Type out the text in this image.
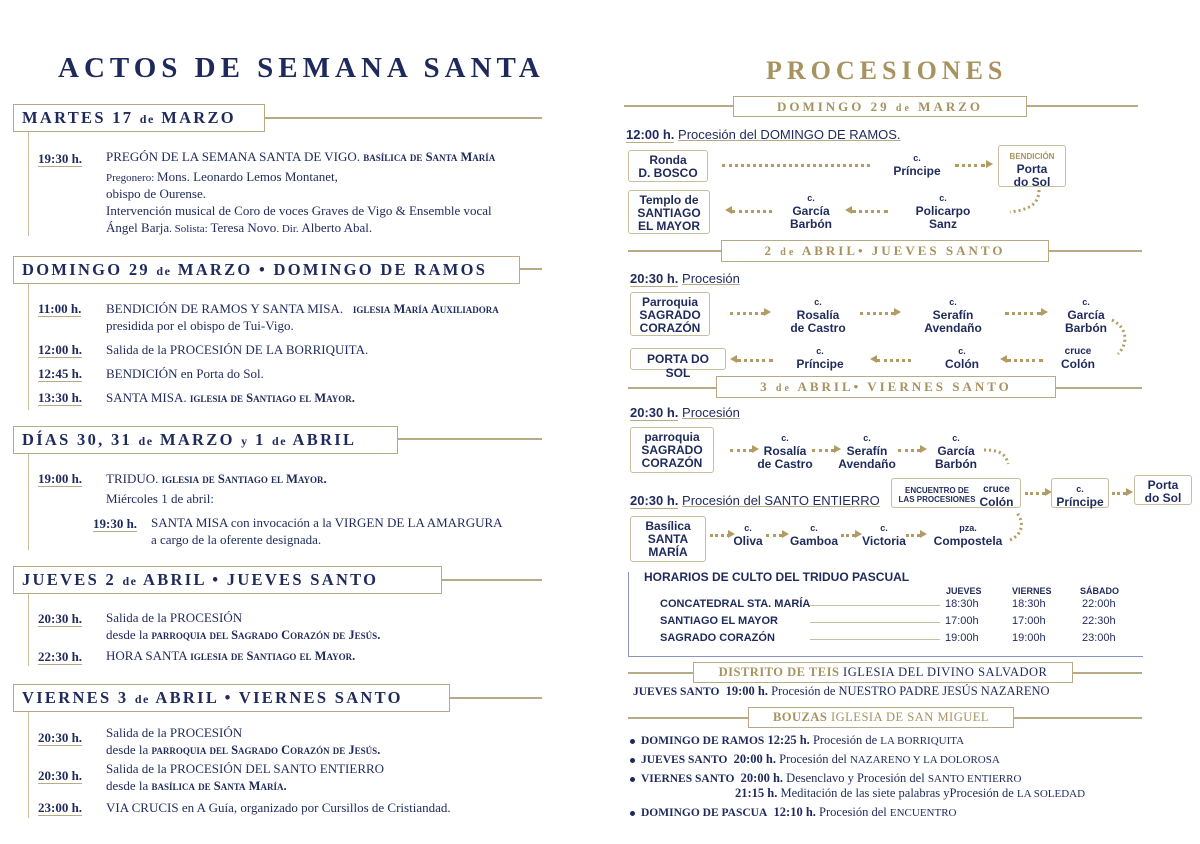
ACTOS DE SEMANA SANTA
MARTES 17 de MARZO
19:30 h. PREGÓN DE LA SEMANA SANTA DE VIGO. basílica de Santa María
Pregonero: Mons. Leonardo Lemos Montanet,
obispo de Ourense.
Intervención musical de Coro de voces Graves de Vigo & Ensemble vocal
Ángel Barja. Solista: Teresa Novo. Dir. Alberto Abal.
DOMINGO 29 de MARZO • DOMINGO DE RAMOS
11:00 h. BENDICIÓN DE RAMOS Y SANTA MISA. iglesia María Auxiliadora
presidida por el obispo de Tui-Vigo.
12:00 h. Salida de la PROCESIÓN DE LA BORRIQUITA.
12:45 h. BENDICIÓN en Porta do Sol.
13:30 h. SANTA MISA. iglesia de Santiago el Mayor.
DÍAS 30, 31 de MARZO y 1 de ABRIL
19:00 h. TRIDUO. iglesia de Santiago el Mayor.
Miércoles 1 de abril:
19:30 h. SANTA MISA con invocación a la VIRGEN DE LA AMARGURA
a cargo de la oferente designada.
JUEVES 2 de ABRIL • JUEVES SANTO
20:30 h. Salida de la PROCESIÓN
desde la parroquia del Sagrado Corazón de Jesús.
22:30 h. HORA SANTA iglesia de Santiago el Mayor.
VIERNES 3 de ABRIL • VIERNES SANTO
20:30 h. Salida de la PROCESIÓN
desde la parroquia del Sagrado Corazón de Jesús.
20:30 h. Salida de la PROCESIÓN DEL SANTO ENTIERRO
desde la basílica de Santa María.
23:00 h. VIA CRUCIS en A Guía, organizado por Cursillos de Cristiandad.
PROCESIONES
DOMINGO 29 de MARZO
12:00 h. Procesión del DOMINGO DE RAMOS.
Ronda
D. BOSCO
c.
Príncipe
BENDICIÓN
Porta
do Sol
Templo de
SANTIAGO
EL MAYOR
c.
García
Barbón
c.
Policarpo
Sanz
2 de ABRIL• JUEVES SANTO
20:30 h. Procesión
Parroquia
SAGRADO
CORAZÓN
c.
Rosalía
de Castro
c.
Serafín
Avendaño
c.
García
Barbón
PORTA DO SOL
c.
Príncipe
c.
Colón
cruce
Colón
3 de ABRIL• VIERNES SANTO
20:30 h. Procesión
parroquia
SAGRADO
CORAZÓN
c.
Rosalía
de Castro
c.
Serafín
Avendaño
c.
García
Barbón
20:30 h. Procesión del SANTO ENTIERRO
ENCUENTRO DE
LAS PROCESIONEScruce
Colón
c.
Príncipe
Porta
do Sol
Basílica
SANTA
MARÍA
c.
Oliva
c.
Gamboa
c.
Victoria
pza.
Compostela
HORARIOS DE CULTO DEL TRIDUO PASCUAL
JUEVES	VIERNES	SÁBADO
CONCATEDRAL STA. MARÍA	18:30h	18:30h	22:00h
SANTIAGO EL MAYOR	17:00h	17:00h	22:30h
SAGRADO CORAZÓN	19:00h	19:00h	23:00h
DISTRITO DE TEIS IGLESIA DEL DIVINO SALVADOR
JUEVES SANTO 19:00 h. Procesión de NUESTRO PADRE JESÚS NAZARENO
BOUZAS IGLESIA DE SAN MIGUEL
DOMINGO DE RAMOS 12:25 h. Procesión de LA BORRIQUITA
JUEVES SANTO 20:00 h. Procesión del NAZARENO Y LA DOLOROSA
VIERNES SANTO 20:00 h. Desenclavo y Procesión del SANTO ENTIERRO
21:15 h. Meditación de las siete palabras yProcesión de LA SOLEDAD
DOMINGO DE PASCUA 12:10 h. Procesión del ENCUENTRO
